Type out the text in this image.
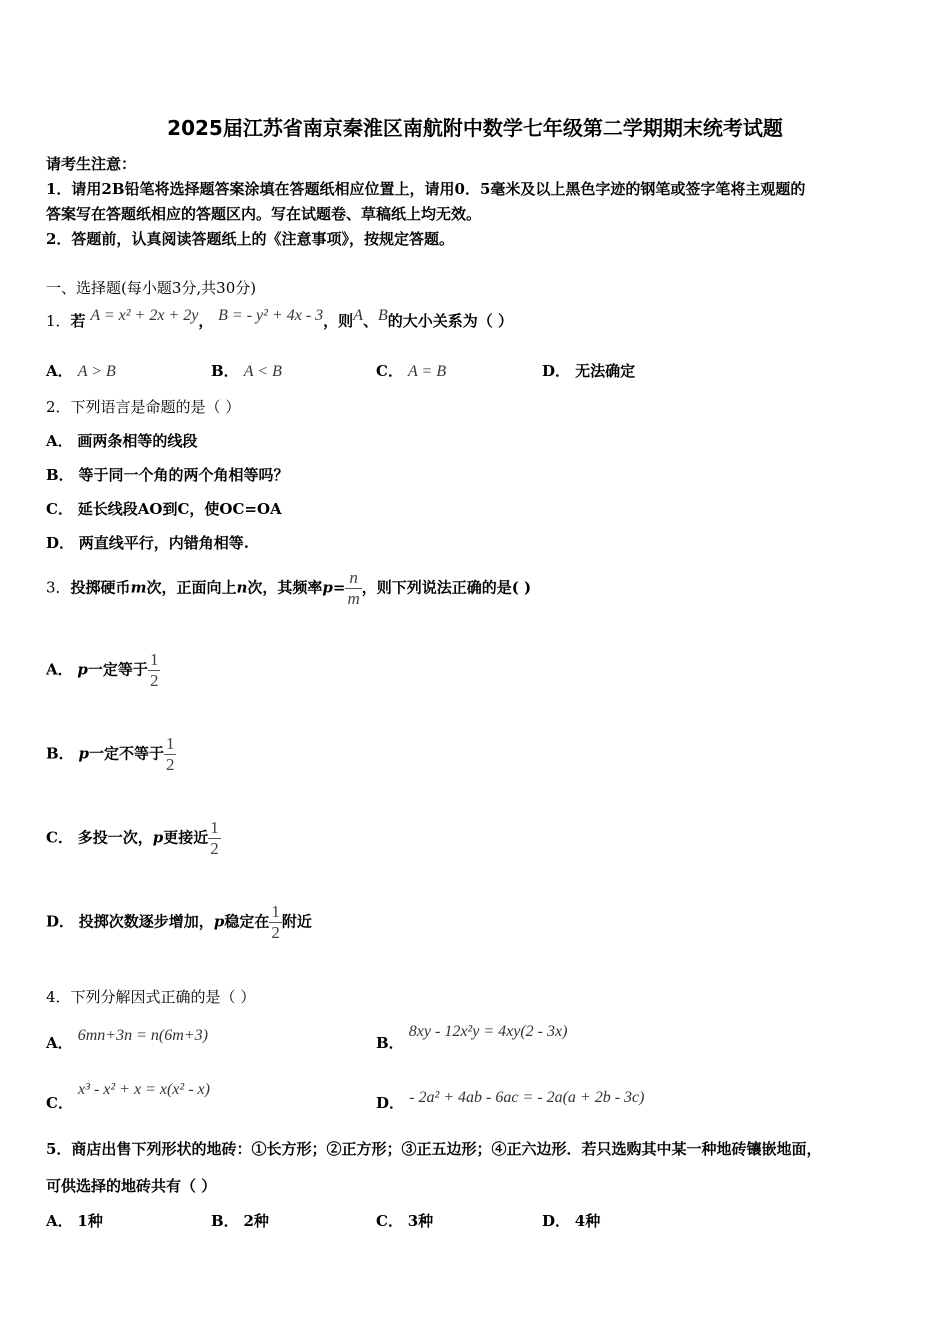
2025届江苏省南京秦淮区南航附中数学七年级第二学期期末统考试题
请考生注意：
1．请用2B铅笔将选择题答案涂填在答题纸相应位置上，请用0．5毫米及以上黑色字迹的钢笔或签字笔将主观题的
答案写在答题纸相应的答题区内。写在试题卷、草稿纸上均无效。
2．答题前，认真阅读答题纸上的《注意事项》，按规定答题。
一、选择题(每小题3分,共30分)
1．若 A = x² + 2x + 2y， B = - y² + 4x - 3，则A、B的大小关系为（ ）
A． A > B	B． A < B	C． A = B	D． 无法确定
2．下列语言是命题的是（ ）
A． 画两条相等的线段
B． 等于同一个角的两个角相等吗？
C． 延长线段AO到C，使OC=OA
D． 两直线平行，内错角相等.
3．投掷硬币m次，正面向上n次，其频率$p= \frac{n}{m}$ ，则下列说法正确的是( )
A． p一定等于 $\frac{1}{2}$
B． p一定不等于 $\frac{1}{2}$
C． 多投一次，p更接近 $\frac{1}{2}$
D． 投掷次数逐步增加，p稳定在 $\frac{1}{2}$ 附近
4．下列分解因式正确的是（ ）
A． 6mn+3n = n(6m+3)	B． 8xy - 12x²y = 4xy(2 - 3x)
C． x³ - x² + x = x(x² - x)
D． - 2a² + 4ab - 6ac = - 2a(a + 2b - 3c)
5．商店出售下列形状的地砖：①长方形；②正方形；③正五边形；④正六边形．若只选购其中某一种地砖镶嵌地面，
可供选择的地砖共有（ ）
A． 1种	B． 2种	C． 3种	D． 4种
